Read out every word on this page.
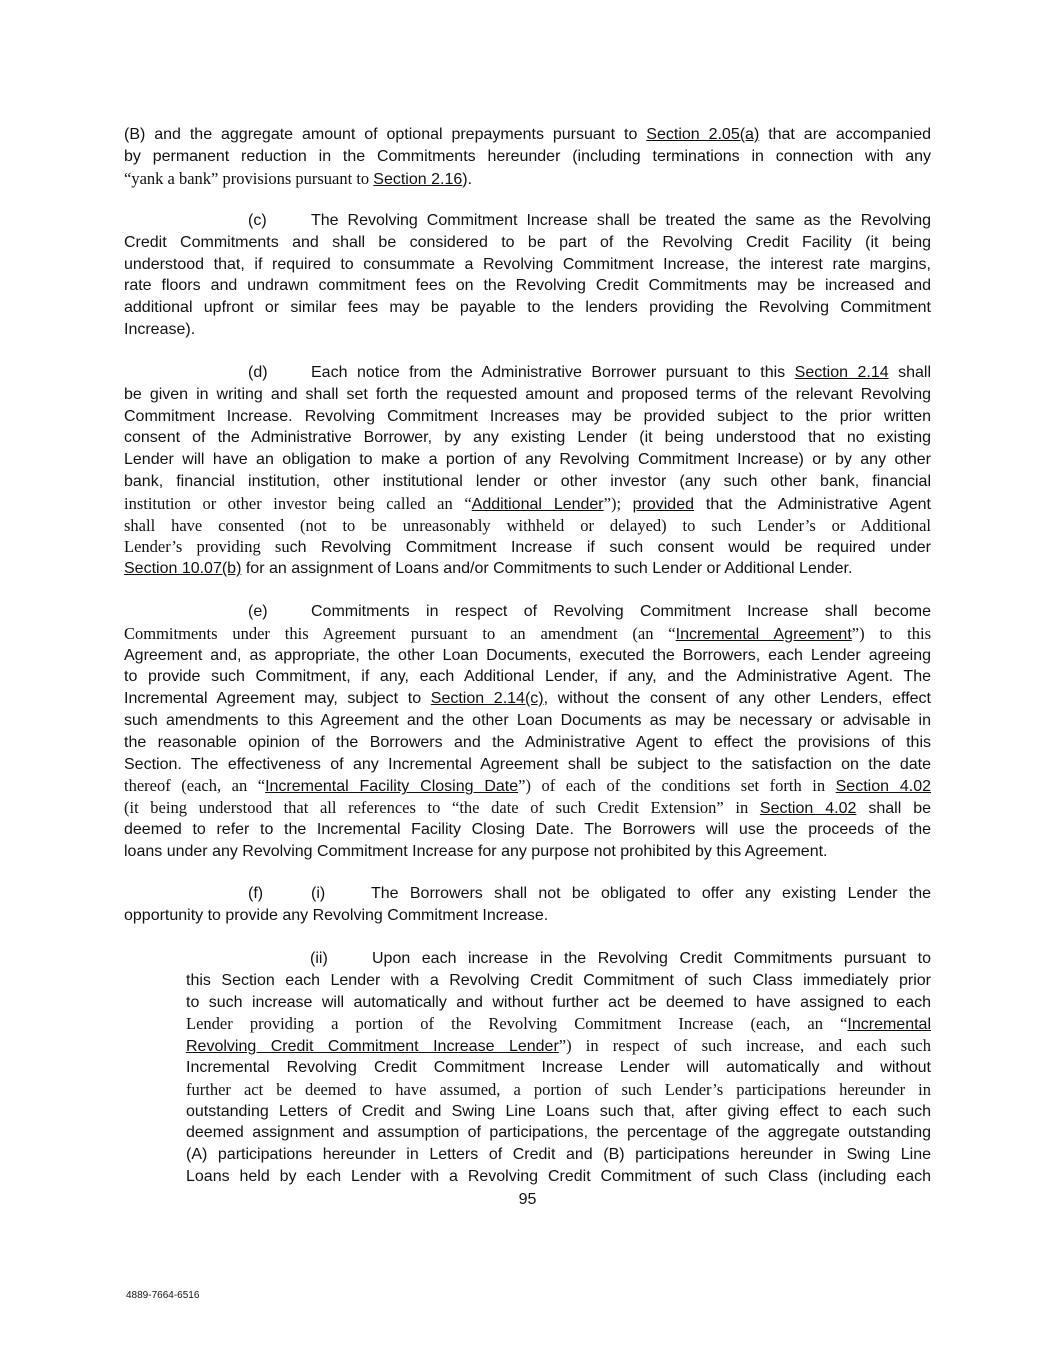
(B) and the aggregate amount of optional prepayments pursuant to Section 2.05(a) that are accompanied
by permanent reduction in the Commitments hereunder (including terminations in connection with any
“yank a bank” provisions pursuant to Section 2.16).
(c)	The Revolving Commitment Increase shall be treated the same as the Revolving
Credit Commitments and shall be considered to be part of the Revolving Credit Facility (it being
understood that, if required to consummate a Revolving Commitment Increase, the interest rate margins,
rate floors and undrawn commitment fees on the Revolving Credit Commitments may be increased and
additional upfront or similar fees may be payable to the lenders providing the Revolving Commitment
Increase).
(d)	Each notice from the Administrative Borrower pursuant to this Section 2.14 shall
be given in writing and shall set forth the requested amount and proposed terms of the relevant Revolving
Commitment Increase. Revolving Commitment Increases may be provided subject to the prior written
consent of the Administrative Borrower, by any existing Lender (it being understood that no existing
Lender will have an obligation to make a portion of any Revolving Commitment Increase) or by any other
bank, financial institution, other institutional lender or other investor (any such other bank, financial
institution or other investor being called an “Additional Lender”); provided that the Administrative Agent
shall have consented (not to be unreasonably withheld or delayed) to such Lender’s or Additional
Lender’s providing such Revolving Commitment Increase if such consent would be required under
Section 10.07(b) for an assignment of Loans and/or Commitments to such Lender or Additional Lender.
(e)	Commitments in respect of Revolving Commitment Increase shall become
Commitments under this Agreement pursuant to an amendment (an “Incremental Agreement”) to this
Agreement and, as appropriate, the other Loan Documents, executed the Borrowers, each Lender agreeing
to provide such Commitment, if any, each Additional Lender, if any, and the Administrative Agent. The
Incremental Agreement may, subject to Section 2.14(c), without the consent of any other Lenders, effect
such amendments to this Agreement and the other Loan Documents as may be necessary or advisable in
the reasonable opinion of the Borrowers and the Administrative Agent to effect the provisions of this
Section. The effectiveness of any Incremental Agreement shall be subject to the satisfaction on the date
thereof (each, an “Incremental Facility Closing Date”) of each of the conditions set forth in Section 4.02
(it being understood that all references to “the date of such Credit Extension” in Section 4.02 shall be
deemed to refer to the Incremental Facility Closing Date. The Borrowers will use the proceeds of the
loans under any Revolving Commitment Increase for any purpose not prohibited by this Agreement.
(f)	(i)	The Borrowers shall not be obligated to offer any existing Lender the
opportunity to provide any Revolving Commitment Increase.
(ii)	Upon each increase in the Revolving Credit Commitments pursuant to
this Section each Lender with a Revolving Credit Commitment of such Class immediately prior
to such increase will automatically and without further act be deemed to have assigned to each
Lender providing a portion of the Revolving Commitment Increase (each, an “Incremental
Revolving Credit Commitment Increase Lender”) in respect of such increase, and each such
Incremental Revolving Credit Commitment Increase Lender will automatically and without
further act be deemed to have assumed, a portion of such Lender’s participations hereunder in
outstanding Letters of Credit and Swing Line Loans such that, after giving effect to each such
deemed assignment and assumption of participations, the percentage of the aggregate outstanding
(A) participations hereunder in Letters of Credit and (B) participations hereunder in Swing Line
Loans held by each Lender with a Revolving Credit Commitment of such Class (including each
95
4889-7664-6516
